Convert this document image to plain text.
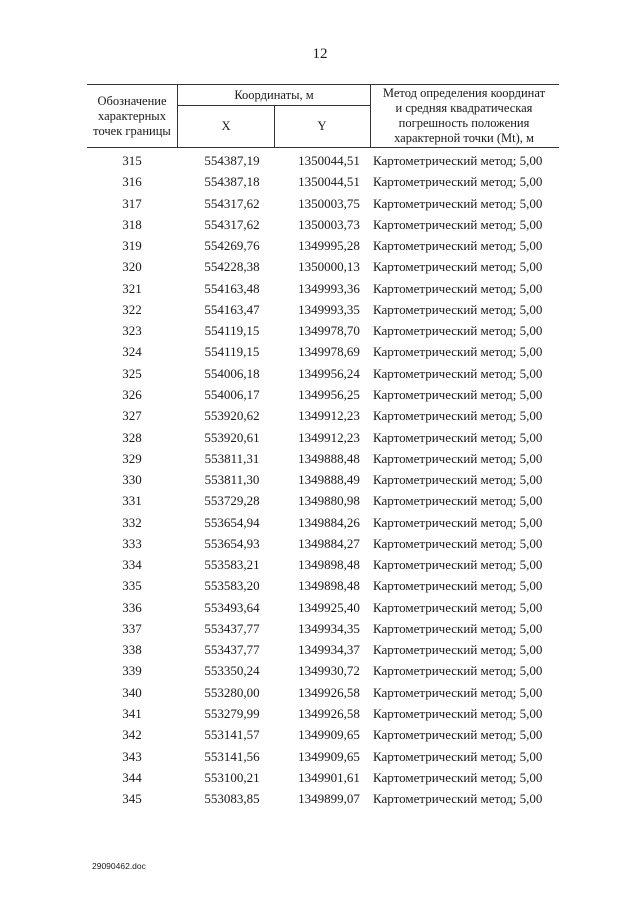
12
Обозначение
характерных
точек границы
Координаты, м
X	Y
Метод определения координат
и средняя квадратическая
погрешность положения
характерной точки (Mt), м
315	554387,19	1350044,51	Картометрический метод; 5,00
316	554387,18	1350044,51	Картометрический метод; 5,00
317	554317,62	1350003,75	Картометрический метод; 5,00
318	554317,62	1350003,73	Картометрический метод; 5,00
319	554269,76	1349995,28	Картометрический метод; 5,00
320	554228,38	1350000,13	Картометрический метод; 5,00
321	554163,48	1349993,36	Картометрический метод; 5,00
322	554163,47	1349993,35	Картометрический метод; 5,00
323	554119,15	1349978,70	Картометрический метод; 5,00
324	554119,15	1349978,69	Картометрический метод; 5,00
325	554006,18	1349956,24	Картометрический метод; 5,00
326	554006,17	1349956,25	Картометрический метод; 5,00
327	553920,62	1349912,23	Картометрический метод; 5,00
328	553920,61	1349912,23	Картометрический метод; 5,00
329	553811,31	1349888,48	Картометрический метод; 5,00
330	553811,30	1349888,49	Картометрический метод; 5,00
331	553729,28	1349880,98	Картометрический метод; 5,00
332	553654,94	1349884,26	Картометрический метод; 5,00
333	553654,93	1349884,27	Картометрический метод; 5,00
334	553583,21	1349898,48	Картометрический метод; 5,00
335	553583,20	1349898,48	Картометрический метод; 5,00
336	553493,64	1349925,40	Картометрический метод; 5,00
337	553437,77	1349934,35	Картометрический метод; 5,00
338	553437,77	1349934,37	Картометрический метод; 5,00
339	553350,24	1349930,72	Картометрический метод; 5,00
340	553280,00	1349926,58	Картометрический метод; 5,00
341	553279,99	1349926,58	Картометрический метод; 5,00
342	553141,57	1349909,65	Картометрический метод; 5,00
343	553141,56	1349909,65	Картометрический метод; 5,00
344	553100,21	1349901,61	Картометрический метод; 5,00
345	553083,85	1349899,07	Картометрический метод; 5,00
29090462.doc
